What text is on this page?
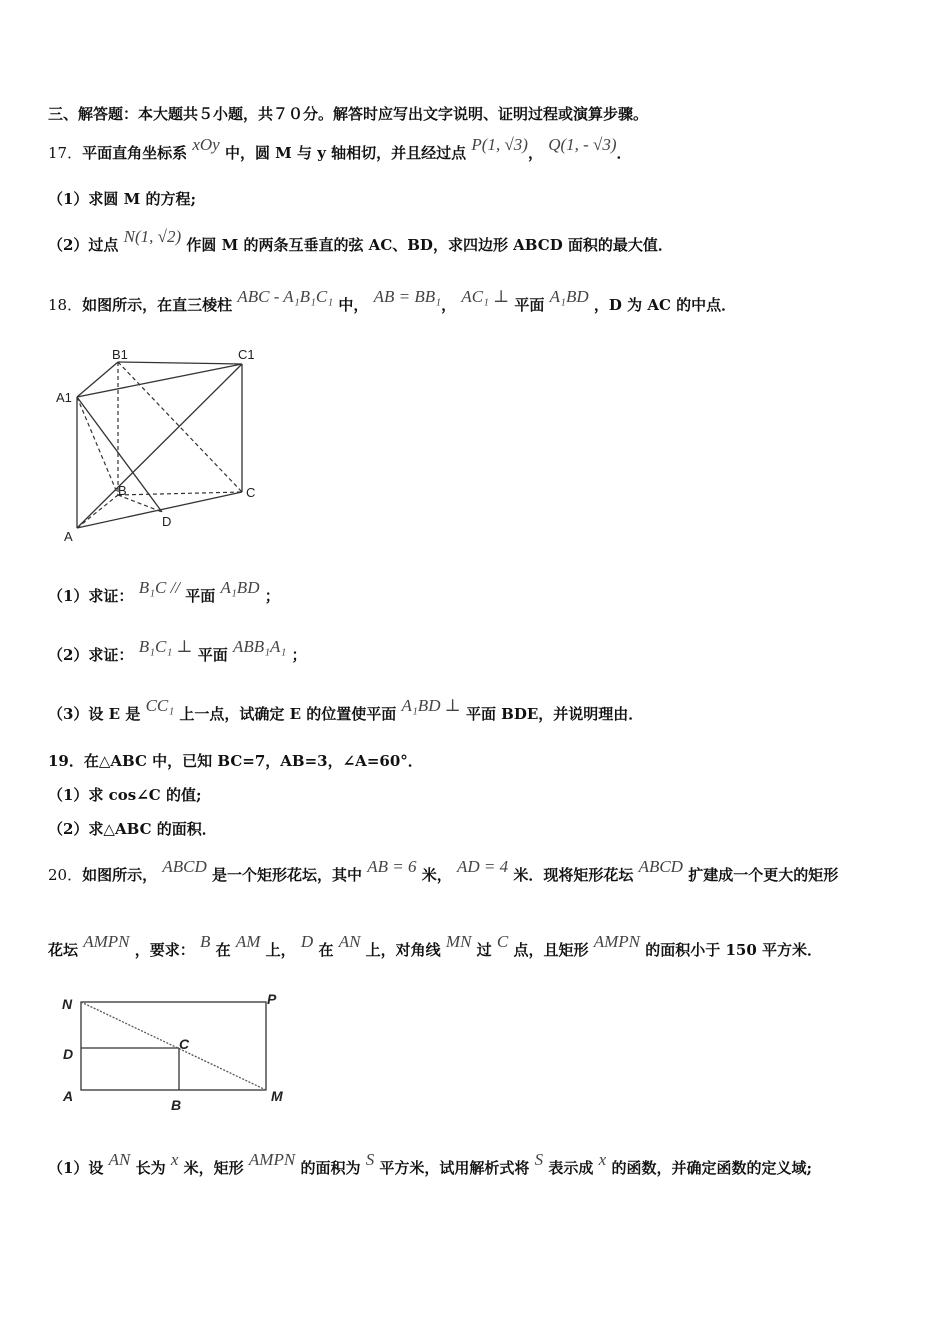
三、解答题：本大题共５小题，共７０分。解答时应写出文字说明、证明过程或演算步骤。
17．平面直角坐标系 xOy 中，圆 M 与 y 轴相切，并且经过点 P(1, √3)， Q(1, - √3)．
（1）求圆 M 的方程;
（2）过点 N(1, √2) 作圆 M 的两条互垂直的弦 AC、BD，求四边形 ABCD 面积的最大值．
18．如图所示，在直三棱柱 ABC - A₁B₁C₁ 中， AB = BB₁， AC₁ ⊥ 平面 A₁BD ，D 为 AC 的中点．
B1	C1
A1
B	C
A
D
（1）求证： B₁C // 平面 A₁BD ；
（2）求证： B₁C₁ ⊥ 平面 ABB₁A₁ ；
（3）设 E 是 CC₁ 上一点，试确定 E 的位置使平面 A₁BD ⊥ 平面 BDE，并说明理由．
19．在△ABC 中，已知 BC=7，AB=3，∠A=60°．
（1）求 cos∠C 的值;
（2）求△ABC 的面积．
20．如图所示， ABCD 是一个矩形花坛，其中 AB = 6 米， AD = 4 米．现将矩形花坛 ABCD 扩建成一个更大的矩形
花坛 AMPN ，要求： B 在 AM 上， D 在 AN 上，对角线 MN 过 C 点，且矩形 AMPN 的面积小于 150 平方米．
N	P
D
C
A
B
M
（1）设 AN 长为 x 米，矩形 AMPN 的面积为 S 平方米，试用解析式将 S 表示成 x 的函数，并确定函数的定义域;
